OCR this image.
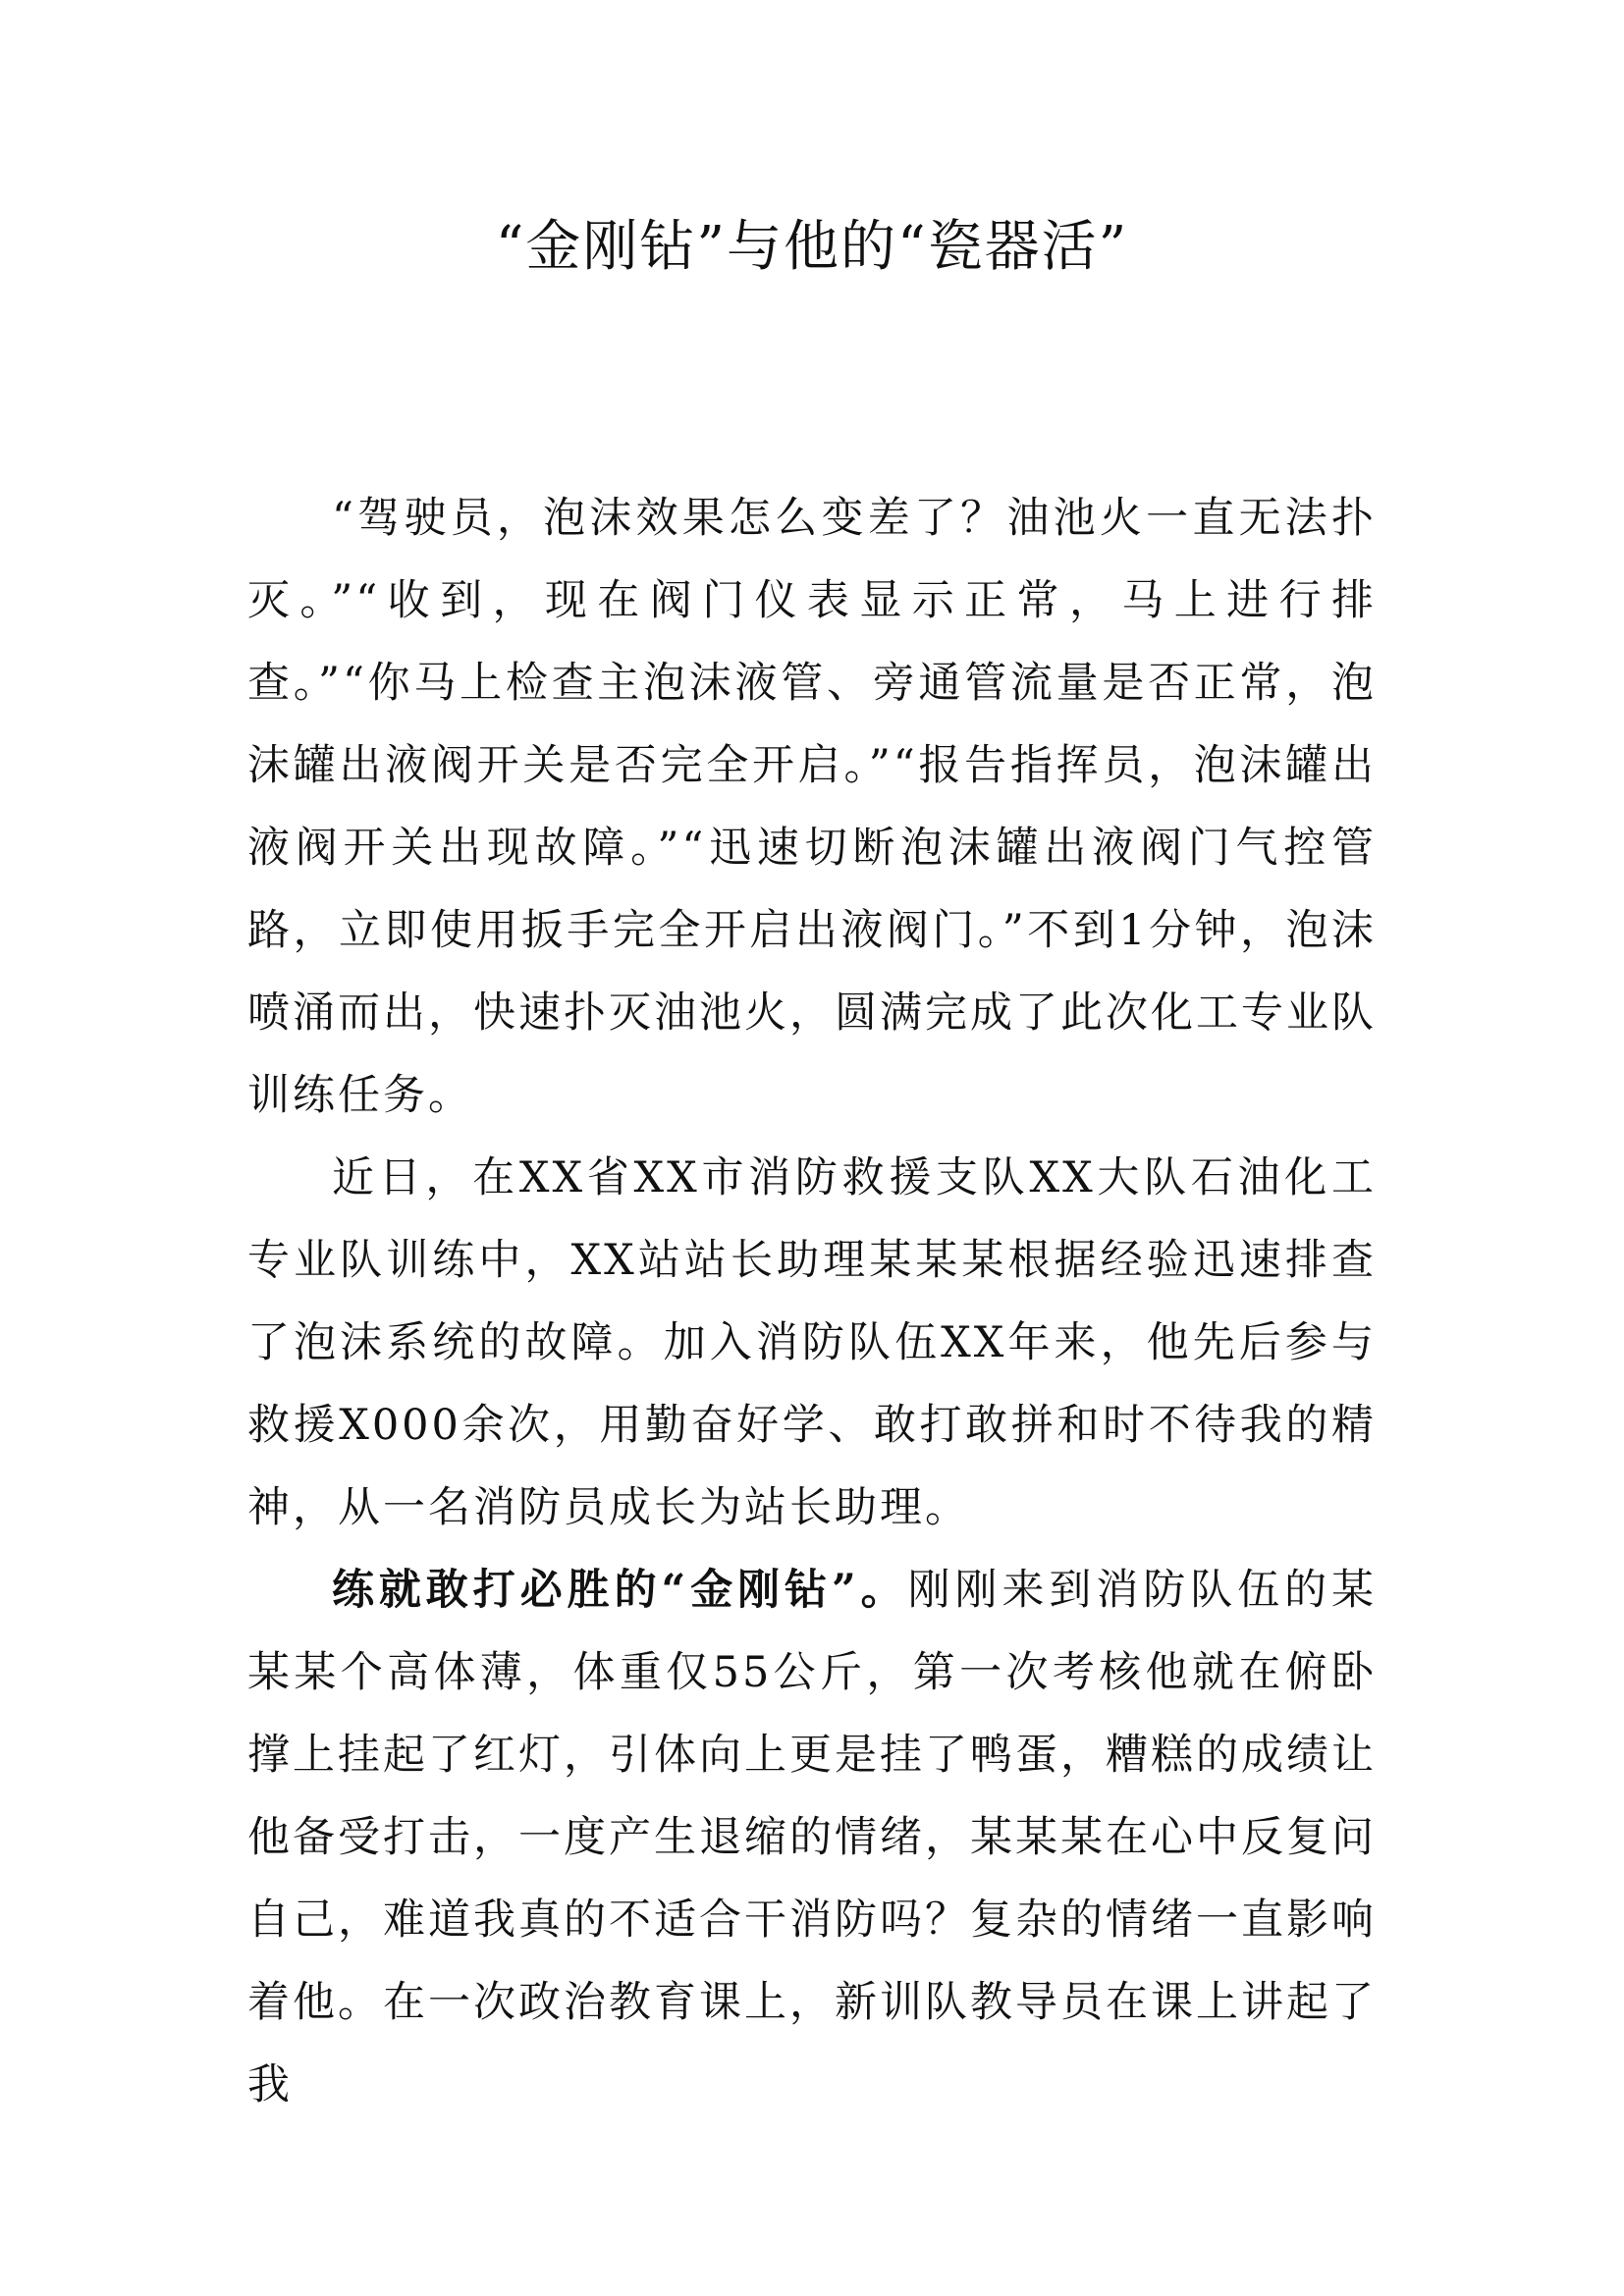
“金刚钻”与他的“瓷器活”

“驾驶员，泡沫效果怎么变差了？油池火一直无法扑灭。”“收到，现在阀门仪表显示正常，马上进行排查。”“你马上检查主泡沫液管、旁通管流量是否正常，泡沫罐出液阀开关是否完全开启。”“报告指挥员，泡沫罐出液阀开关出现故障。”“迅速切断泡沫罐出液阀门气控管路，立即使用扳手完全开启出液阀门。”不到1分钟，泡沫喷涌而出，快速扑灭油池火，圆满完成了此次化工专业队训练任务。

近日，在XX省XX市消防救援支队XX大队石油化工专业队训练中，XX站站长助理某某某根据经验迅速排查了泡沫系统的故障。加入消防队伍XX年来，他先后参与救援X000余次，用勤奋好学、敢打敢拼和时不待我的精神，从一名消防员成长为站长助理。

练就敢打必胜的“金刚钻”。刚刚来到消防队伍的某某某个高体薄，体重仅55公斤，第一次考核他就在俯卧撑上挂起了红灯，引体向上更是挂了鸭蛋，糟糕的成绩让他备受打击，一度产生退缩的情绪，某某某在心中反复问自己，难道我真的不适合干消防吗？复杂的情绪一直影响着他。在一次政治教育课上，新训队教导员在课上讲起了我
